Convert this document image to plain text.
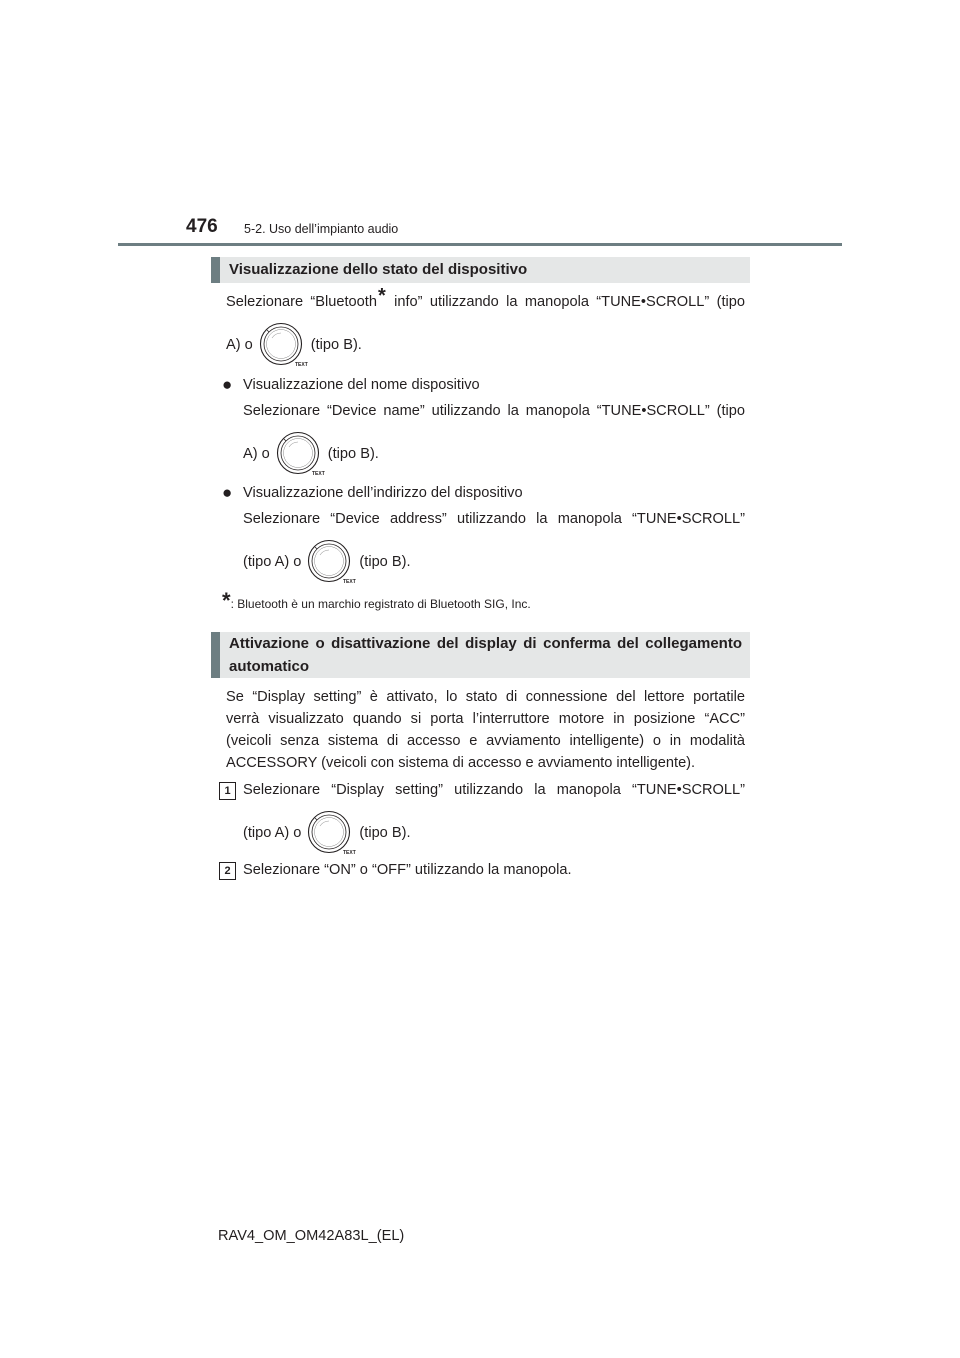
476 5-2. Uso dell’impianto audio
Visualizzazione dello stato del dispositivo
Selezionare “Bluetooth* info” utilizzando la manopola “TUNE•SCROLL” (tipo
A) o
TEXT
(tipo B).
● Visualizzazione del nome dispositivo
Selezionare “Device name” utilizzando la manopola “TUNE•SCROLL” (tipo
A) o
TEXT
(tipo B).
● Visualizzazione dell’indirizzo del dispositivo
Selezionare “Device address” utilizzando la manopola “TUNE•SCROLL”
(tipo A) o
TEXT
(tipo B).
*: Bluetooth è un marchio registrato di Bluetooth SIG, Inc.
Attivazione o disattivazione del display di conferma del collegamento
automatico
Se “Display setting” è attivato, lo stato di connessione del lettore portatile
verrà visualizzato quando si porta l’interruttore motore in posizione “ACC”
(veicoli senza sistema di accesso e avviamento intelligente) o in modalità
ACCESSORY (veicoli con sistema di accesso e avviamento intelligente).
1 Selezionare “Display setting” utilizzando la manopola “TUNE•SCROLL”
(tipo A) o
TEXT
(tipo B).
2 Selezionare “ON” o “OFF” utilizzando la manopola.
RAV4_OM_OM42A83L_(EL)
